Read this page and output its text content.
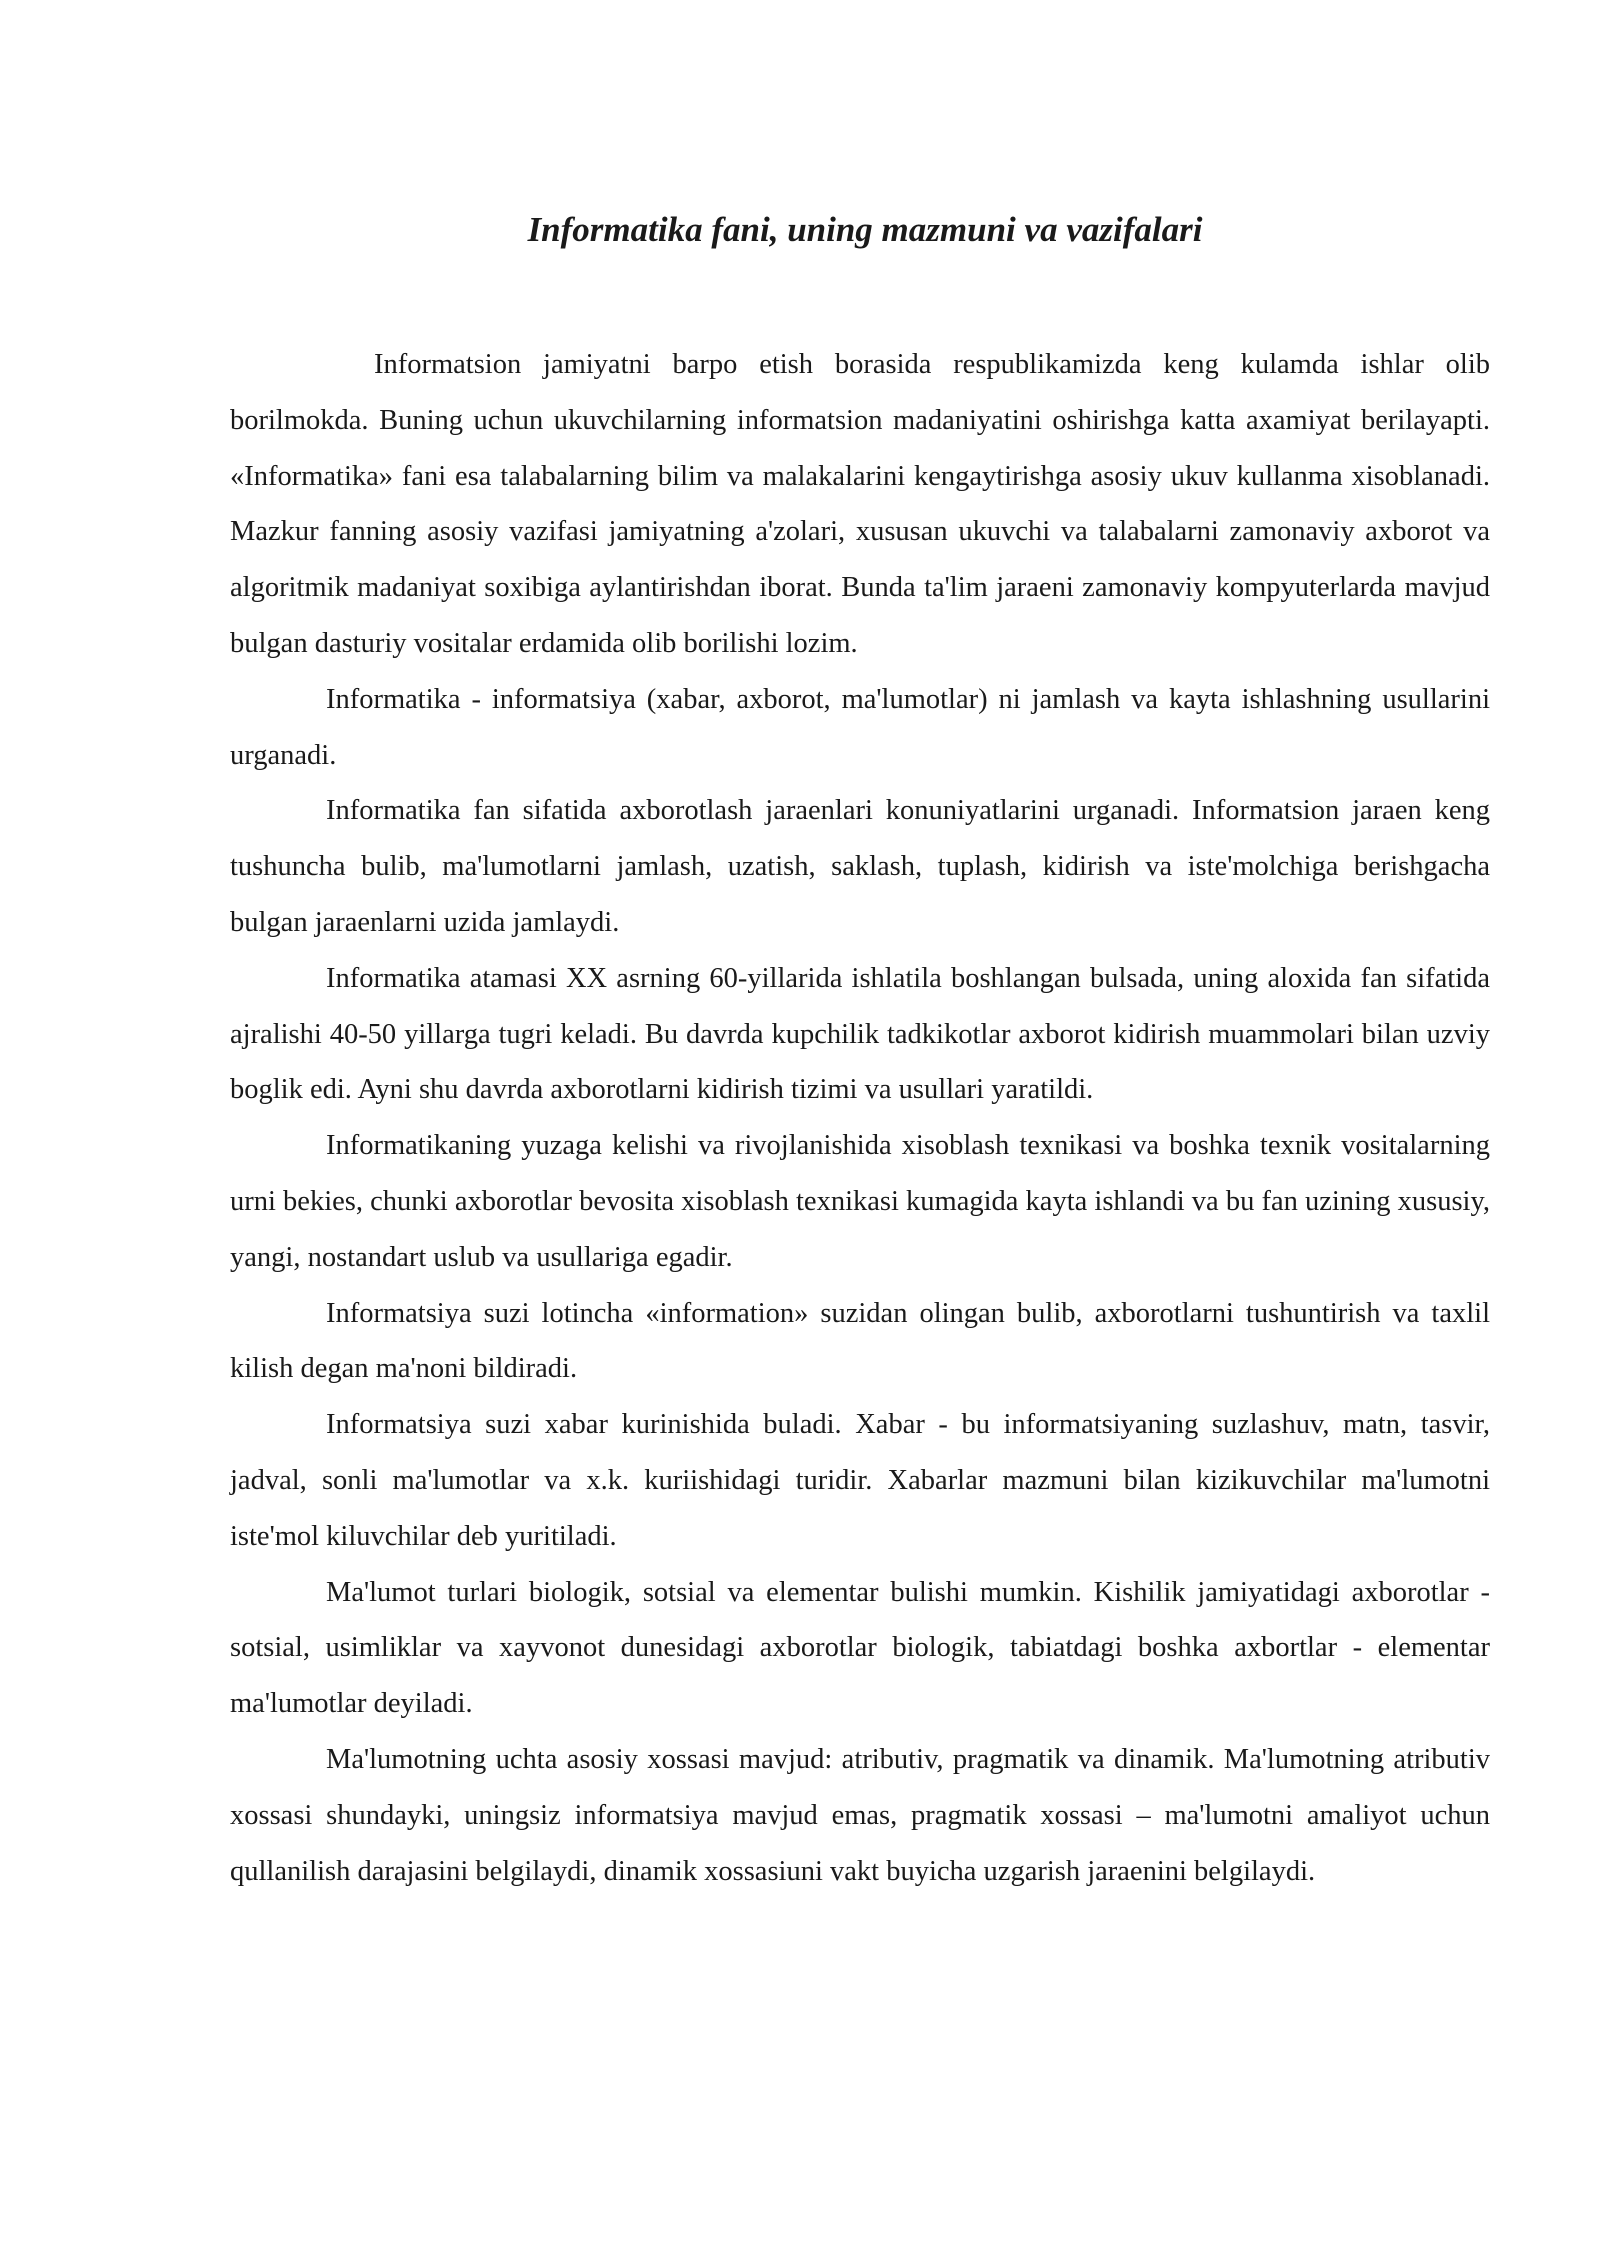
Informatika fani, uning mazmuni va vazifalari

Informatsion jamiyatni barpo etish borasida respublikamizda keng kulamda ishlar olib borilmokda. Buning uchun ukuvchilarning informatsion madaniyatini oshirishga katta axamiyat berilayapti. «Informatika» fani esa talabalarning bilim va malakalarini kengaytirishga asosiy ukuv kullanma xisoblanadi. Mazkur fanning asosiy vazifasi jamiyatning a'zolari, xususan ukuvchi va talabalarni zamonaviy axborot va algoritmik madaniyat soxibiga aylantirishdan iborat. Bunda ta'lim jaraeni zamonaviy kompyuterlarda mavjud bulgan dasturiy vositalar erdamida olib borilishi lozim.

Informatika - informatsiya (xabar, axborot, ma'lumotlar) ni jamlash va kayta ishlashning usullarini urganadi.

Informatika fan sifatida axborotlash jaraenlari konuniyatlarini urganadi. Informatsion jaraen keng tushuncha bulib, ma'lumotlarni jamlash, uzatish, saklash, tuplash, kidirish va iste'molchiga berishgacha bulgan jaraenlarni uzida jamlaydi.

Informatika atamasi XX asrning 60-yillarida ishlatila boshlangan bulsada, uning aloxida fan sifatida ajralishi 40-50 yillarga tugri keladi. Bu davrda kupchilik tadkikotlar axborot kidirish muammolari bilan uzviy boglik edi. Ayni shu davrda axborotlarni kidirish tizimi va usullari yaratildi.

Informatikaning yuzaga kelishi va rivojlanishida xisoblash texnikasi va boshka texnik vositalarning urni bekies, chunki axborotlar bevosita xisoblash texnikasi kumagida kayta ishlandi va bu fan uzining xususiy, yangi, nostandart uslub va usullariga egadir.

Informatsiya suzi lotincha «information» suzidan olingan bulib, axborotlarni tushuntirish va taxlil kilish degan ma'noni bildiradi.

Informatsiya suzi xabar kurinishida buladi. Xabar - bu informatsiyaning suzlashuv, matn, tasvir, jadval, sonli ma'lumotlar va x.k. kuriishidagi turidir. Xabarlar mazmuni bilan kizikuvchilar ma'lumotni iste'mol kiluvchilar deb yuritiladi.

Ma'lumot turlari biologik, sotsial va elementar bulishi mumkin. Kishilik jamiyatidagi axborotlar - sotsial, usimliklar va xayvonot dunesidagi axborotlar biologik, tabiatdagi boshka axbortlar - elementar ma'lumotlar deyiladi.

Ma'lumotning uchta asosiy xossasi mavjud: atributiv, pragmatik va dinamik. Ma'lumotning atributiv xossasi shundayki, uningsiz informatsiya mavjud emas, pragmatik xossasi – ma'lumotni amaliyot uchun qullanilish darajasini belgilaydi, dinamik xossasiuni vakt buyicha uzgarish jaraenini belgilaydi.
